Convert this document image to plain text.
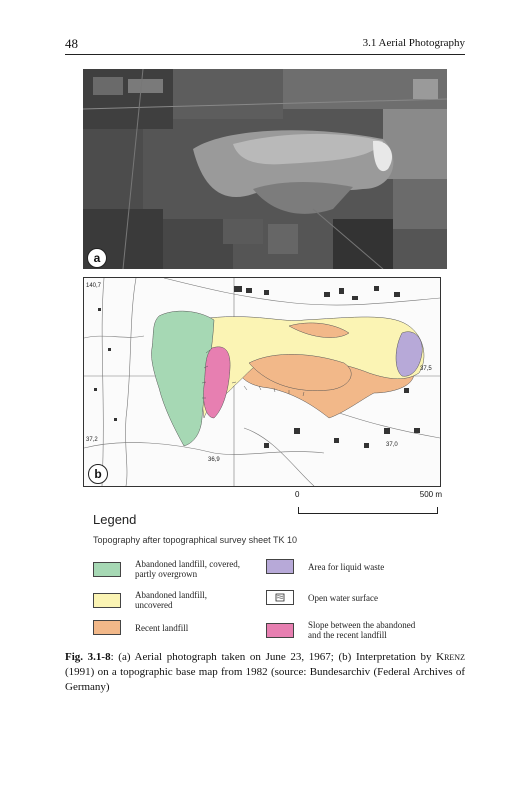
48	3.1 Aerial Photography
a
140,7
37,2
36,9
37,0
37,5
b
0	500 m
Legend
Topography after topographical survey sheet TK 10
Abandoned landfill, covered,
partly overgrown
Area for liquid waste
Abandoned landfill,
uncovered
Open water surface
Recent landfill	Slope between the abandoned
and the recent landfill
Fig. 3.1-8: (a) Aerial photograph taken on June 23, 1967; (b) Interpretation by Krenz (1991) on a topographic base map from 1982 (source: Bundesarchiv (Federal Archives of Germany)
